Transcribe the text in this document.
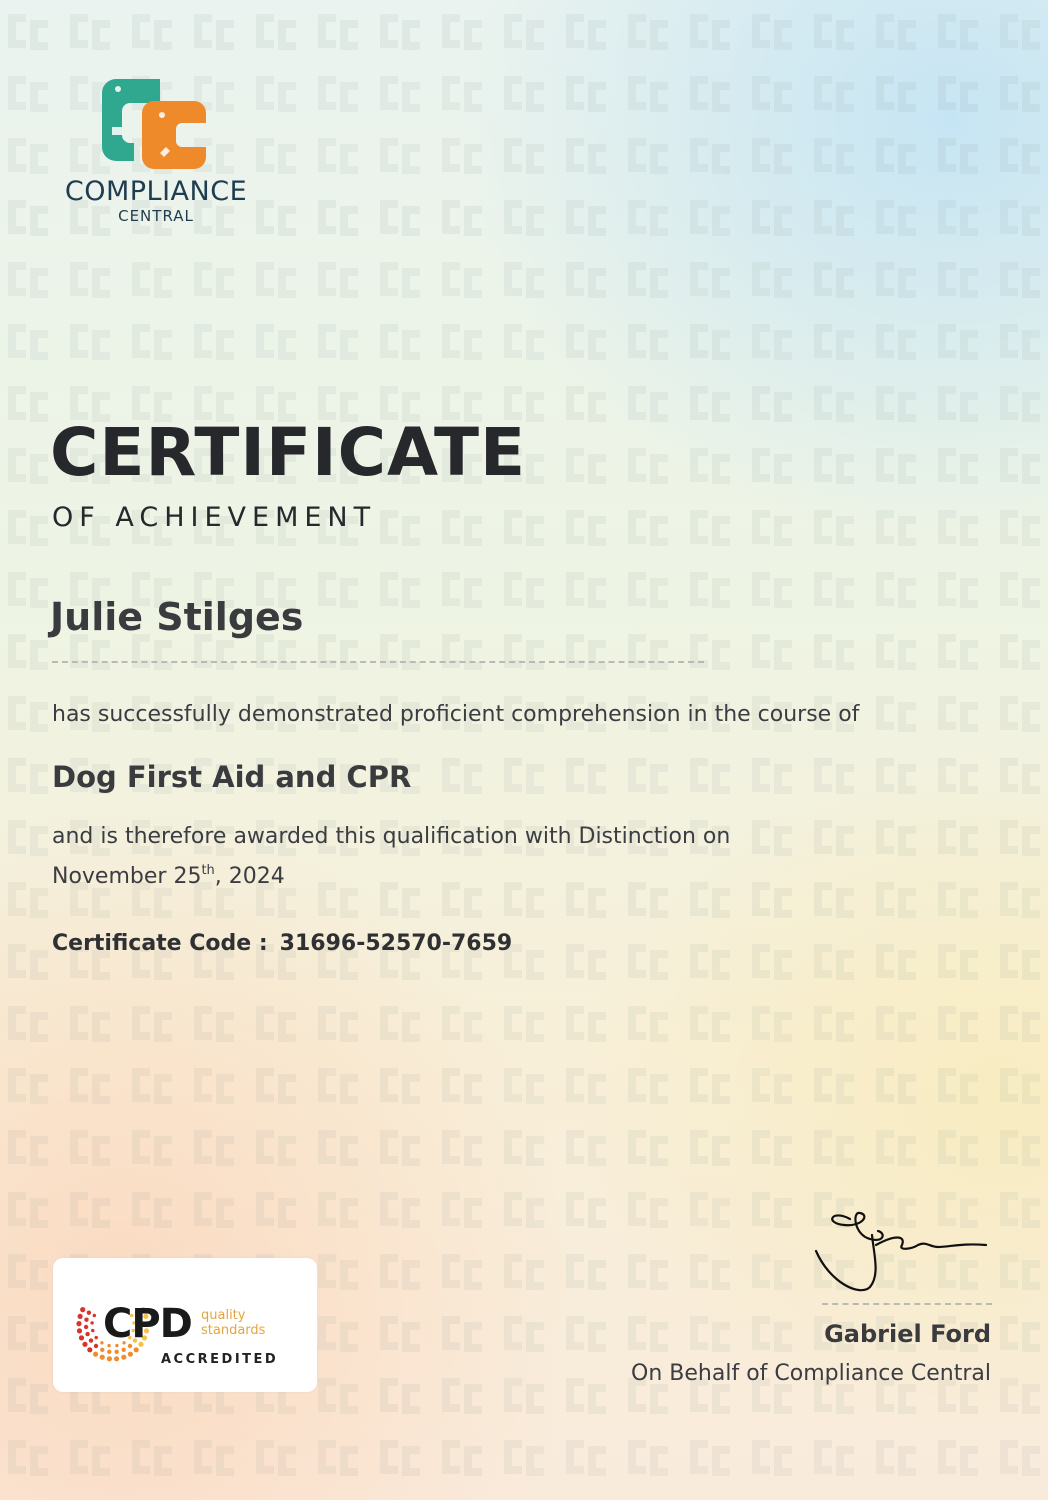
COMPLIANCE
CENTRAL
CERTIFICATE
OF ACHIEVEMENT
Julie Stilges
has successfully demonstrated proficient comprehension in the course of
Dog First Aid and CPR
and is therefore awarded this qualification with Distinction on
November 25th, 2024
Certificate Code : 31696-52570-7659
CPD quality
standards
ACCREDITED
Gabriel Ford
On Behalf of Compliance Central
